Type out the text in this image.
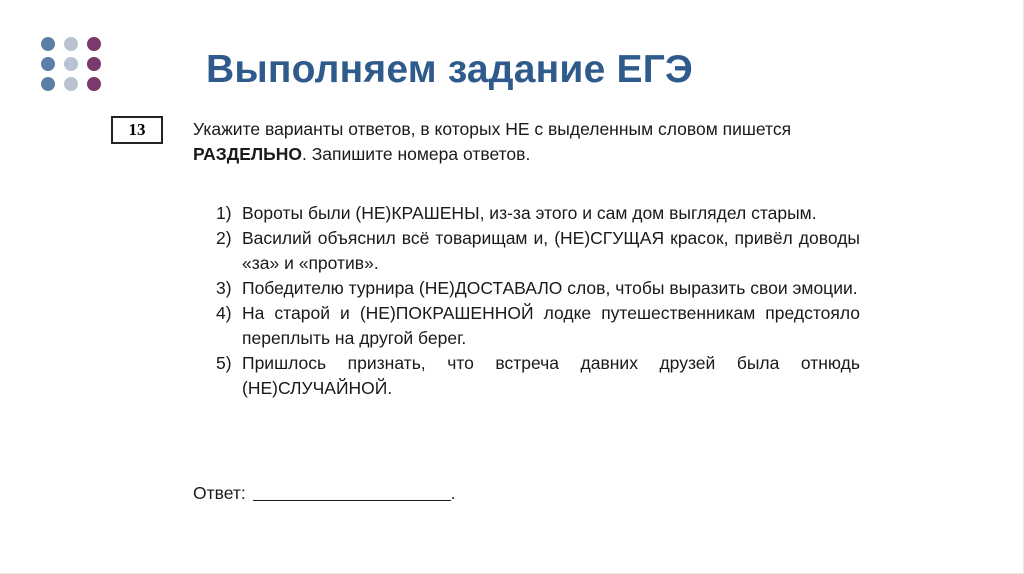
Выполняем задание ЕГЭ
13	Укажите варианты ответов, в которых НЕ с выделенным словом пишется
РАЗДЕЛЬНО. Запишите номера ответов.
1) Вороты были (НЕ)КРАШЕНЫ, из-за этого и сам дом выглядел старым.
2) Василий объяснил всё товарищам и, (НЕ)СГУЩАЯ красок, привёл доводы «за» и «против».
3) Победителю турнира (НЕ)ДОСТАВАЛО слов, чтобы выразить свои эмоции.
4) На старой и (НЕ)ПОКРАШЕННОЙ лодке путешественникам предстояло переплыть на другой берег.
5) Пришлось признать, что встреча давних друзей была отнюдь (НЕ)СЛУЧАЙНОЙ.
Ответ:	.
